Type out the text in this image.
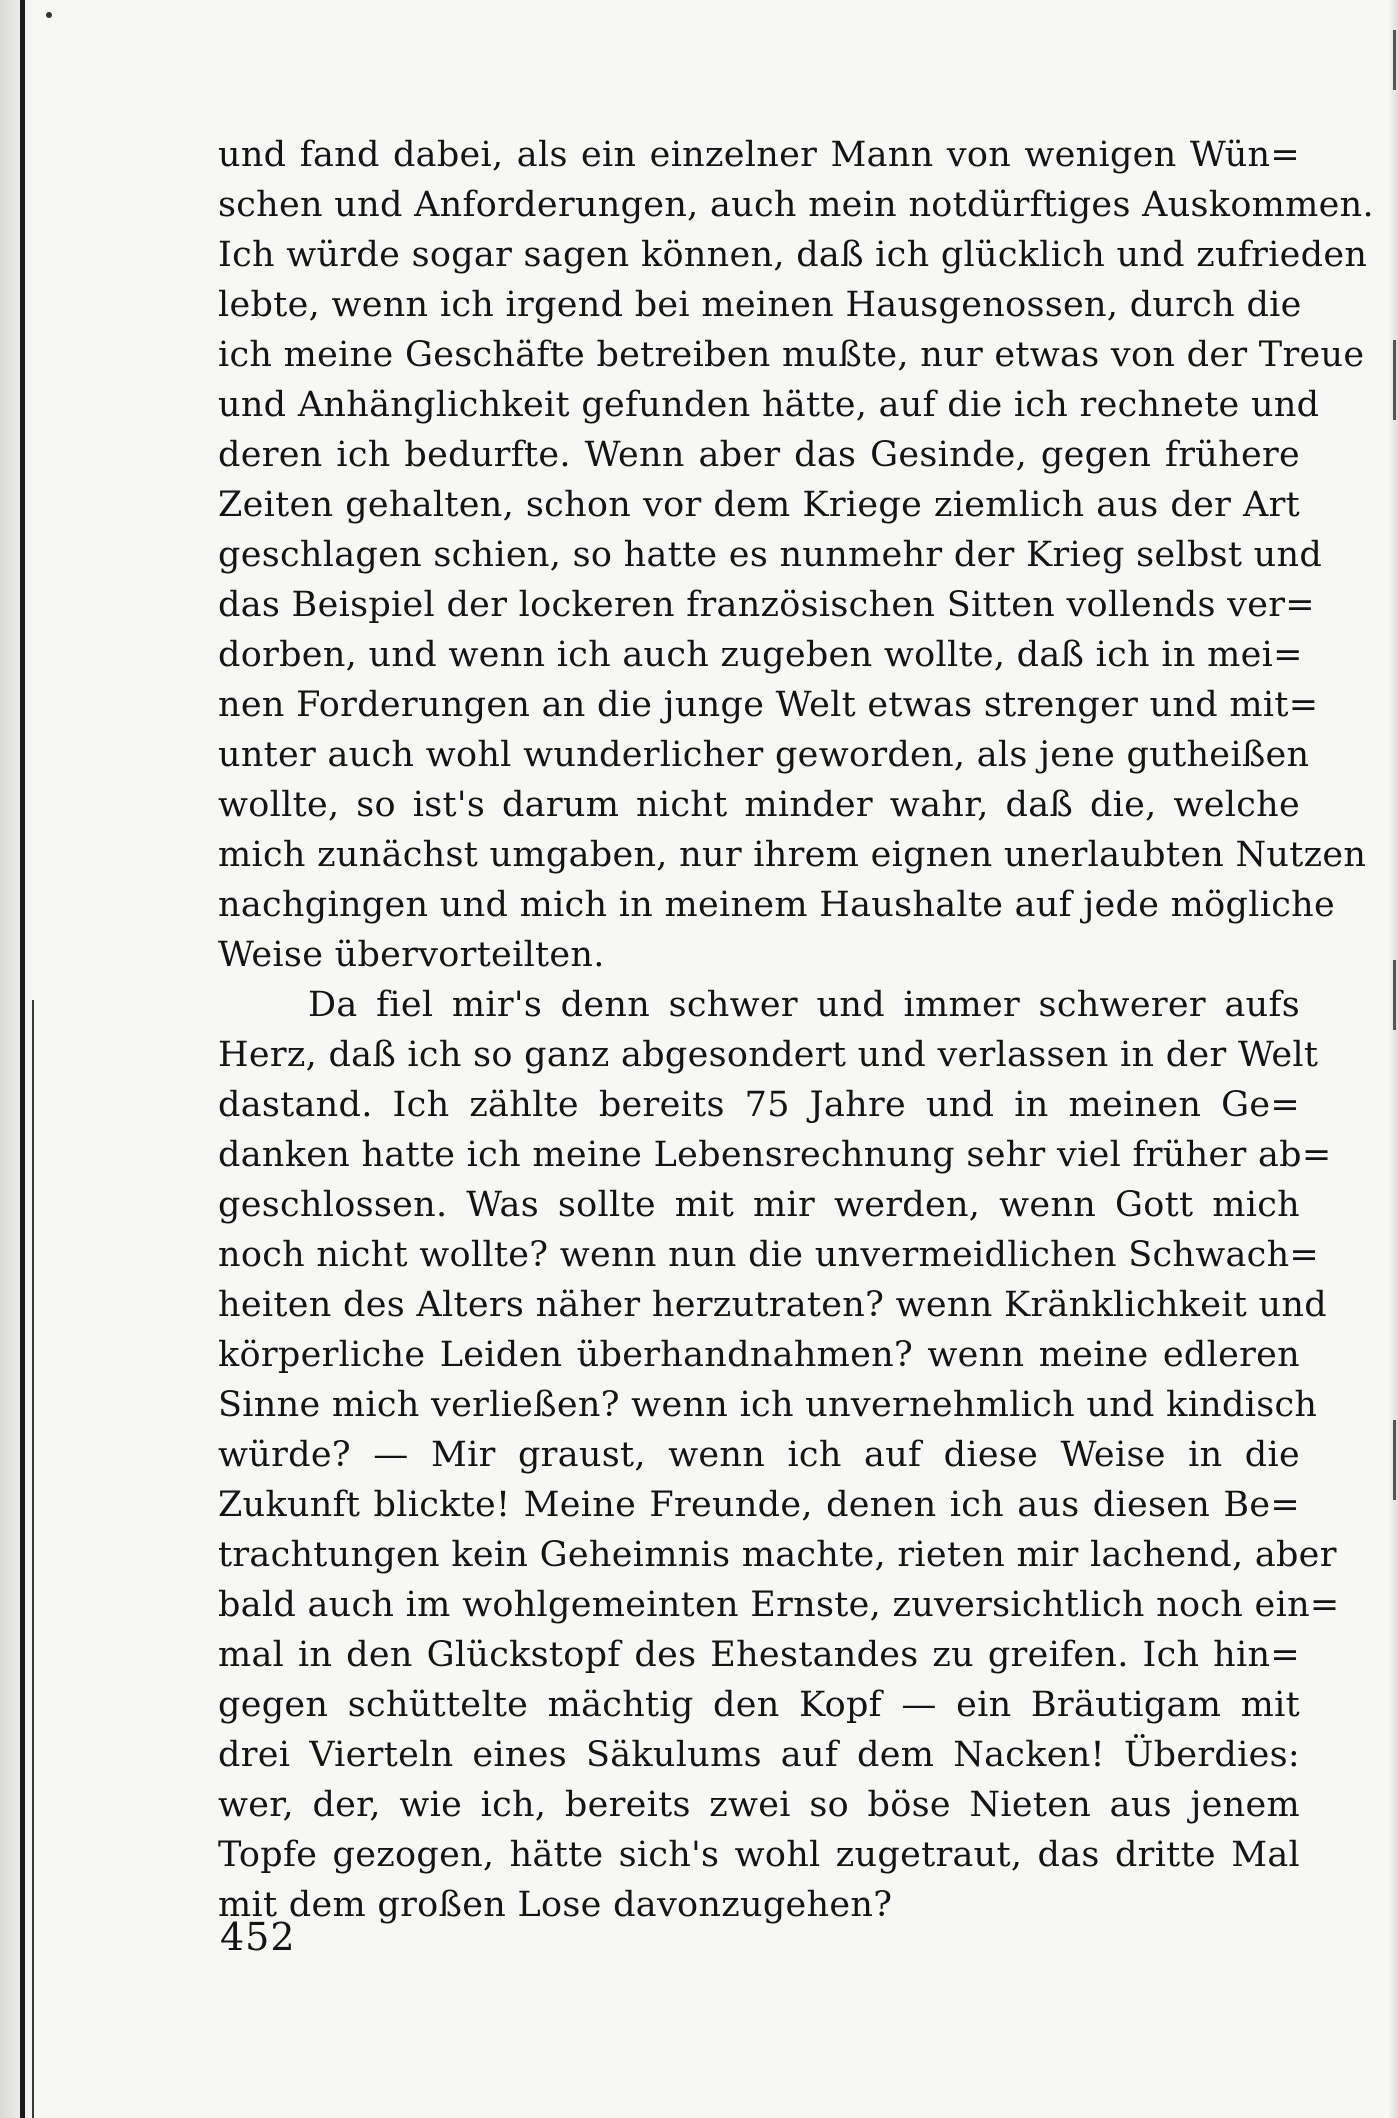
und fand dabei, als ein einzelner Mann von wenigen Wün=
schen und Anforderungen, auch mein notdürftiges Auskommen.
Ich würde sogar sagen können, daß ich glücklich und zufrieden
lebte, wenn ich irgend bei meinen Hausgenossen, durch die
ich meine Geschäfte betreiben mußte, nur etwas von der Treue
und Anhänglichkeit gefunden hätte, auf die ich rechnete und
deren ich bedurfte. Wenn aber das Gesinde, gegen frühere
Zeiten gehalten, schon vor dem Kriege ziemlich aus der Art
geschlagen schien, so hatte es nunmehr der Krieg selbst und
das Beispiel der lockeren französischen Sitten vollends ver=
dorben, und wenn ich auch zugeben wollte, daß ich in mei=
nen Forderungen an die junge Welt etwas strenger und mit=
unter auch wohl wunderlicher geworden, als jene gutheißen
wollte, so ist's darum nicht minder wahr, daß die, welche
mich zunächst umgaben, nur ihrem eignen unerlaubten Nutzen
nachgingen und mich in meinem Haushalte auf jede mögliche
Weise übervorteilten.
Da fiel mir's denn schwer und immer schwerer aufs
Herz, daß ich so ganz abgesondert und verlassen in der Welt
dastand. Ich zählte bereits 75 Jahre und in meinen Ge=
danken hatte ich meine Lebensrechnung sehr viel früher ab=
geschlossen. Was sollte mit mir werden, wenn Gott mich
noch nicht wollte? wenn nun die unvermeidlichen Schwach=
heiten des Alters näher herzutraten? wenn Kränklichkeit und
körperliche Leiden überhandnahmen? wenn meine edleren
Sinne mich verließen? wenn ich unvernehmlich und kindisch
würde? — Mir graust, wenn ich auf diese Weise in die
Zukunft blickte! Meine Freunde, denen ich aus diesen Be=
trachtungen kein Geheimnis machte, rieten mir lachend, aber
bald auch im wohlgemeinten Ernste, zuversichtlich noch ein=
mal in den Glückstopf des Ehestandes zu greifen. Ich hin=
gegen schüttelte mächtig den Kopf — ein Bräutigam mit
drei Vierteln eines Säkulums auf dem Nacken! Überdies:
wer, der, wie ich, bereits zwei so böse Nieten aus jenem
Topfe gezogen, hätte sich's wohl zugetraut, das dritte Mal
mit dem großen Lose davonzugehen?
452
